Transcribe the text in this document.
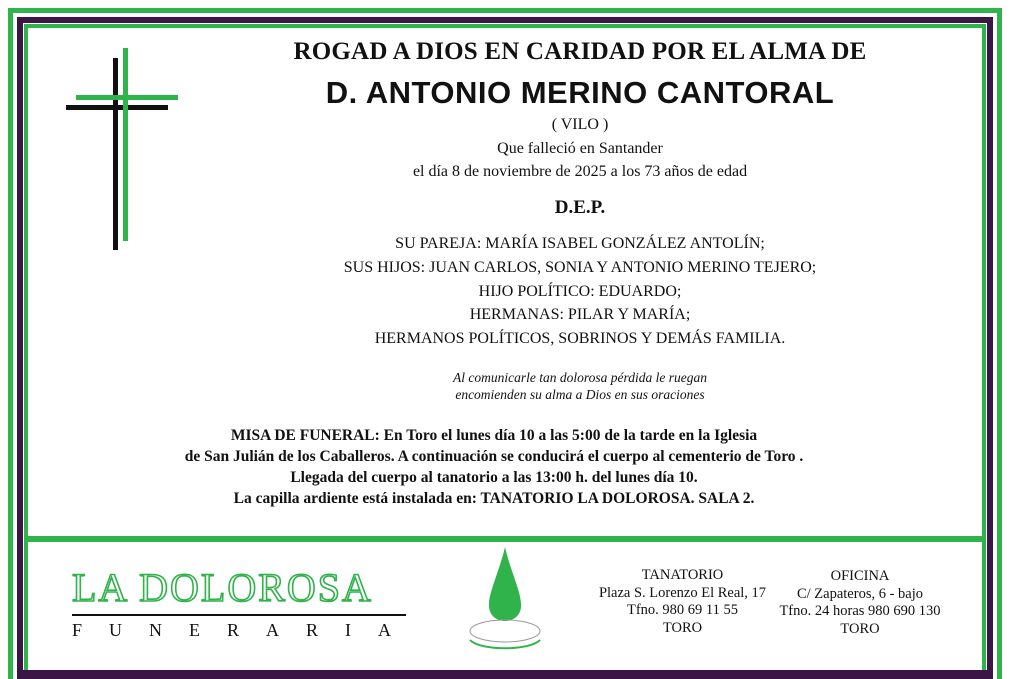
ROGAD A DIOS EN CARIDAD POR EL ALMA DE
D. ANTONIO MERINO CANTORAL
( VILO )
Que falleció en Santander
el día 8 de noviembre de 2025 a los 73 años de edad
D.E.P.
SU PAREJA: MARÍA ISABEL GONZÁLEZ ANTOLÍN;
SUS HIJOS: JUAN CARLOS, SONIA Y ANTONIO MERINO TEJERO;
HIJO POLÍTICO: EDUARDO;
HERMANAS: PILAR Y MARÍA;
HERMANOS POLÍTICOS, SOBRINOS Y DEMÁS FAMILIA.
Al comunicarle tan dolorosa pérdida le ruegan
encomienden su alma a Dios en sus oraciones
MISA DE FUNERAL: En Toro el lunes día 10 a las 5:00 de la tarde en la Iglesia
de San Julián de los Caballeros. A continuación se conducirá el cuerpo al cementerio de Toro .
Llegada del cuerpo al tanatorio a las 13:00 h. del lunes día 10.
La capilla ardiente está instalada en: TANATORIO LA DOLOROSA. SALA 2.
LA DOLOROSA
FUNERARIA
TANATORIO
Plaza S. Lorenzo El Real, 17
Tfno. 980 69 11 55
TORO
OFICINA
C/ Zapateros, 6 - bajo
Tfno. 24 horas 980 690 130
TORO
